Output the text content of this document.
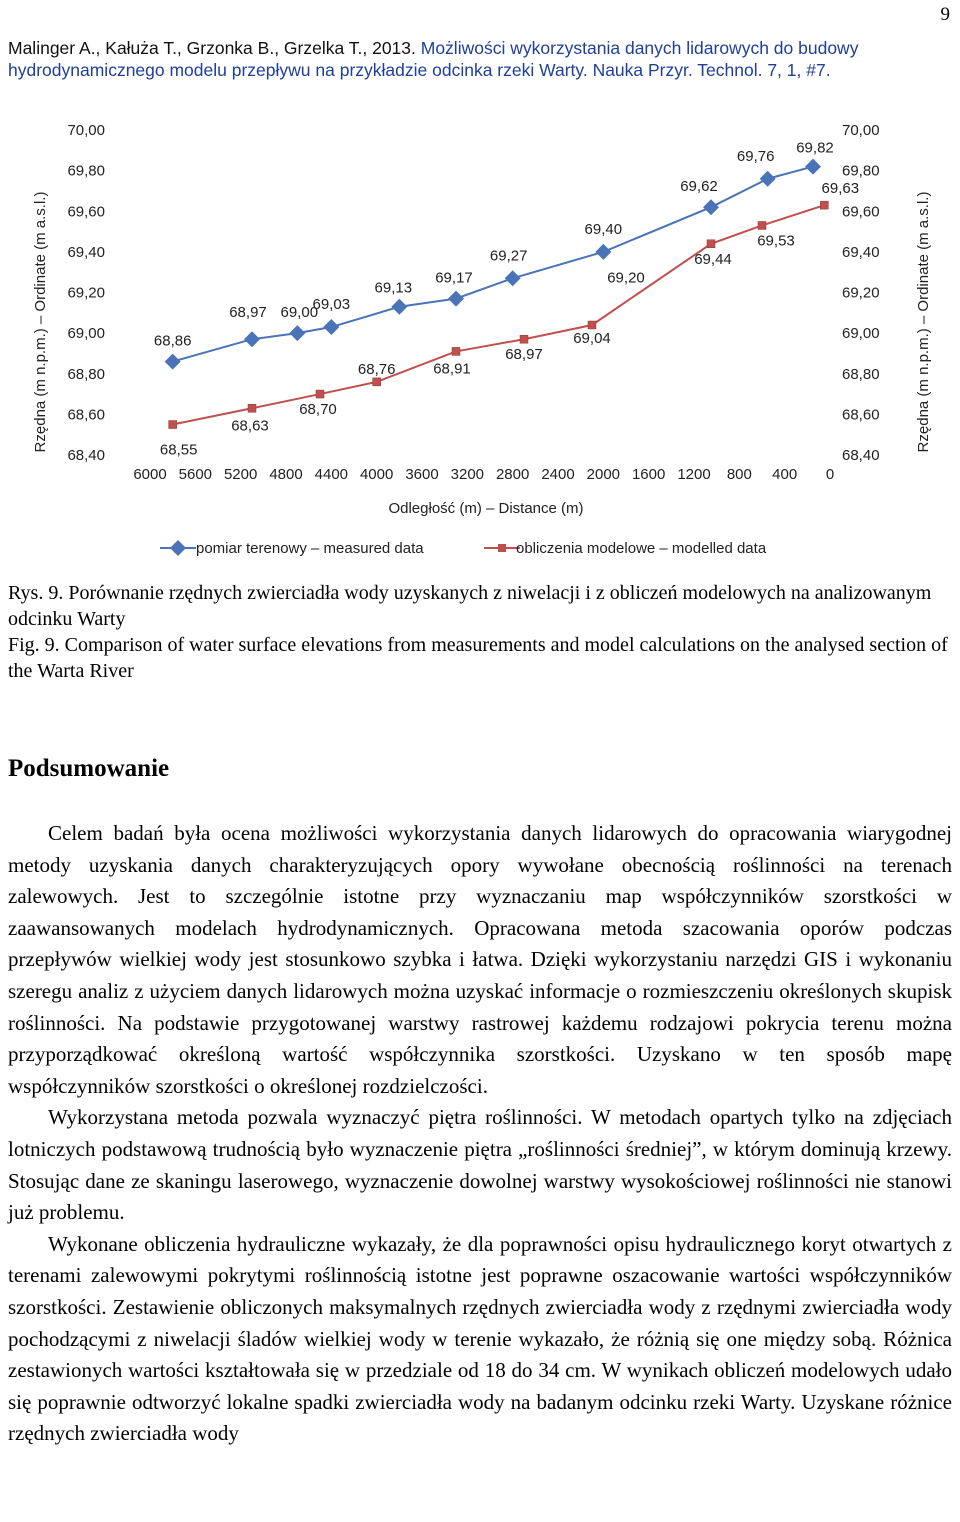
9
Malinger A., Kałuża T., Grzonka B., Grzelka T., 2013. Możliwości wykorzystania danych lidarowych do budowy
hydrodynamicznego modelu przepływu na przykładzie odcinka rzeki Warty. Nauka Przyr. Technol. 7, 1, #7.
70,00
69,80
69,60
69,40
69,20
69,00
68,80
68,60
68,40
70,00
69,80
69,60
69,40
69,20
69,00
68,80
68,60
68,40
6000 5600 5200 4800 4400 4000 3600 3200 2800 2400 2000 1600 1200 800 400 0
68,86
68,97 69,00
69,03
69,13
69,17
69,27
69,40
69,62
69,76 69,82
68,55
68,63
68,70
68,76	68,91
68,97
69,04
69,44
69,53
69,63
69,20
Rzędna (m n.p.m.) – Ordinate (m a.s.l.)	Rzędna (m n.p.m.) – Ordinate (m a.s.l.)
Odległość (m) – Distance (m)
pomiar terenowy – measured data	obliczenia modelowe – modelled data
Rys. 9. Porównanie rzędnych zwierciadła wody uzyskanych z niwelacji i z obliczeń modelowych na analizowanym odcinku Warty
Fig. 9. Comparison of water surface elevations from measurements and model calculations on the analysed section of the Warta River
Podsumowanie

Celem badań była ocena możliwości wykorzystania danych lidarowych do opracowania wiarygodnej metody uzyskania danych charakteryzujących opory wywołane obecnością roślinności na terenach zalewowych. Jest to szczególnie istotne przy wyznaczaniu map współczynników szorstkości w zaawansowanych modelach hydrodynamicznych. Opracowana metoda szacowania oporów podczas przepływów wielkiej wody jest stosunkowo szybka i łatwa. Dzięki wykorzystaniu narzędzi GIS i wykonaniu szeregu analiz z użyciem danych lidarowych można uzyskać informacje o rozmieszczeniu określonych skupisk roślinności. Na podstawie przygotowanej warstwy rastrowej każdemu rodzajowi pokrycia terenu można przyporządkować określoną wartość współczynnika szorstkości. Uzyskano w ten sposób mapę współczynników szorstkości o określonej rozdzielczości.

Wykorzystana metoda pozwala wyznaczyć piętra roślinności. W metodach opartych tylko na zdjęciach lotniczych podstawową trudnością było wyznaczenie piętra „roślinności średniej”, w którym dominują krzewy. Stosując dane ze skaningu laserowego, wyznaczenie dowolnej warstwy wysokościowej roślinności nie stanowi już problemu.

Wykonane obliczenia hydrauliczne wykazały, że dla poprawności opisu hydraulicznego koryt otwartych z terenami zalewowymi pokrytymi roślinnością istotne jest poprawne oszacowanie wartości współczynników szorstkości. Zestawienie obliczonych maksymalnych rzędnych zwierciadła wody z rzędnymi zwierciadła wody pochodzącymi z niwelacji śladów wielkiej wody w terenie wykazało, że różnią się one między sobą. Różnica zestawionych wartości kształtowała się w przedziale od 18 do 34 cm. W wynikach obliczeń modelowych udało się poprawnie odtworzyć lokalne spadki zwierciadła wody na badanym odcinku rzeki Warty. Uzyskane różnice rzędnych zwierciadła wody
